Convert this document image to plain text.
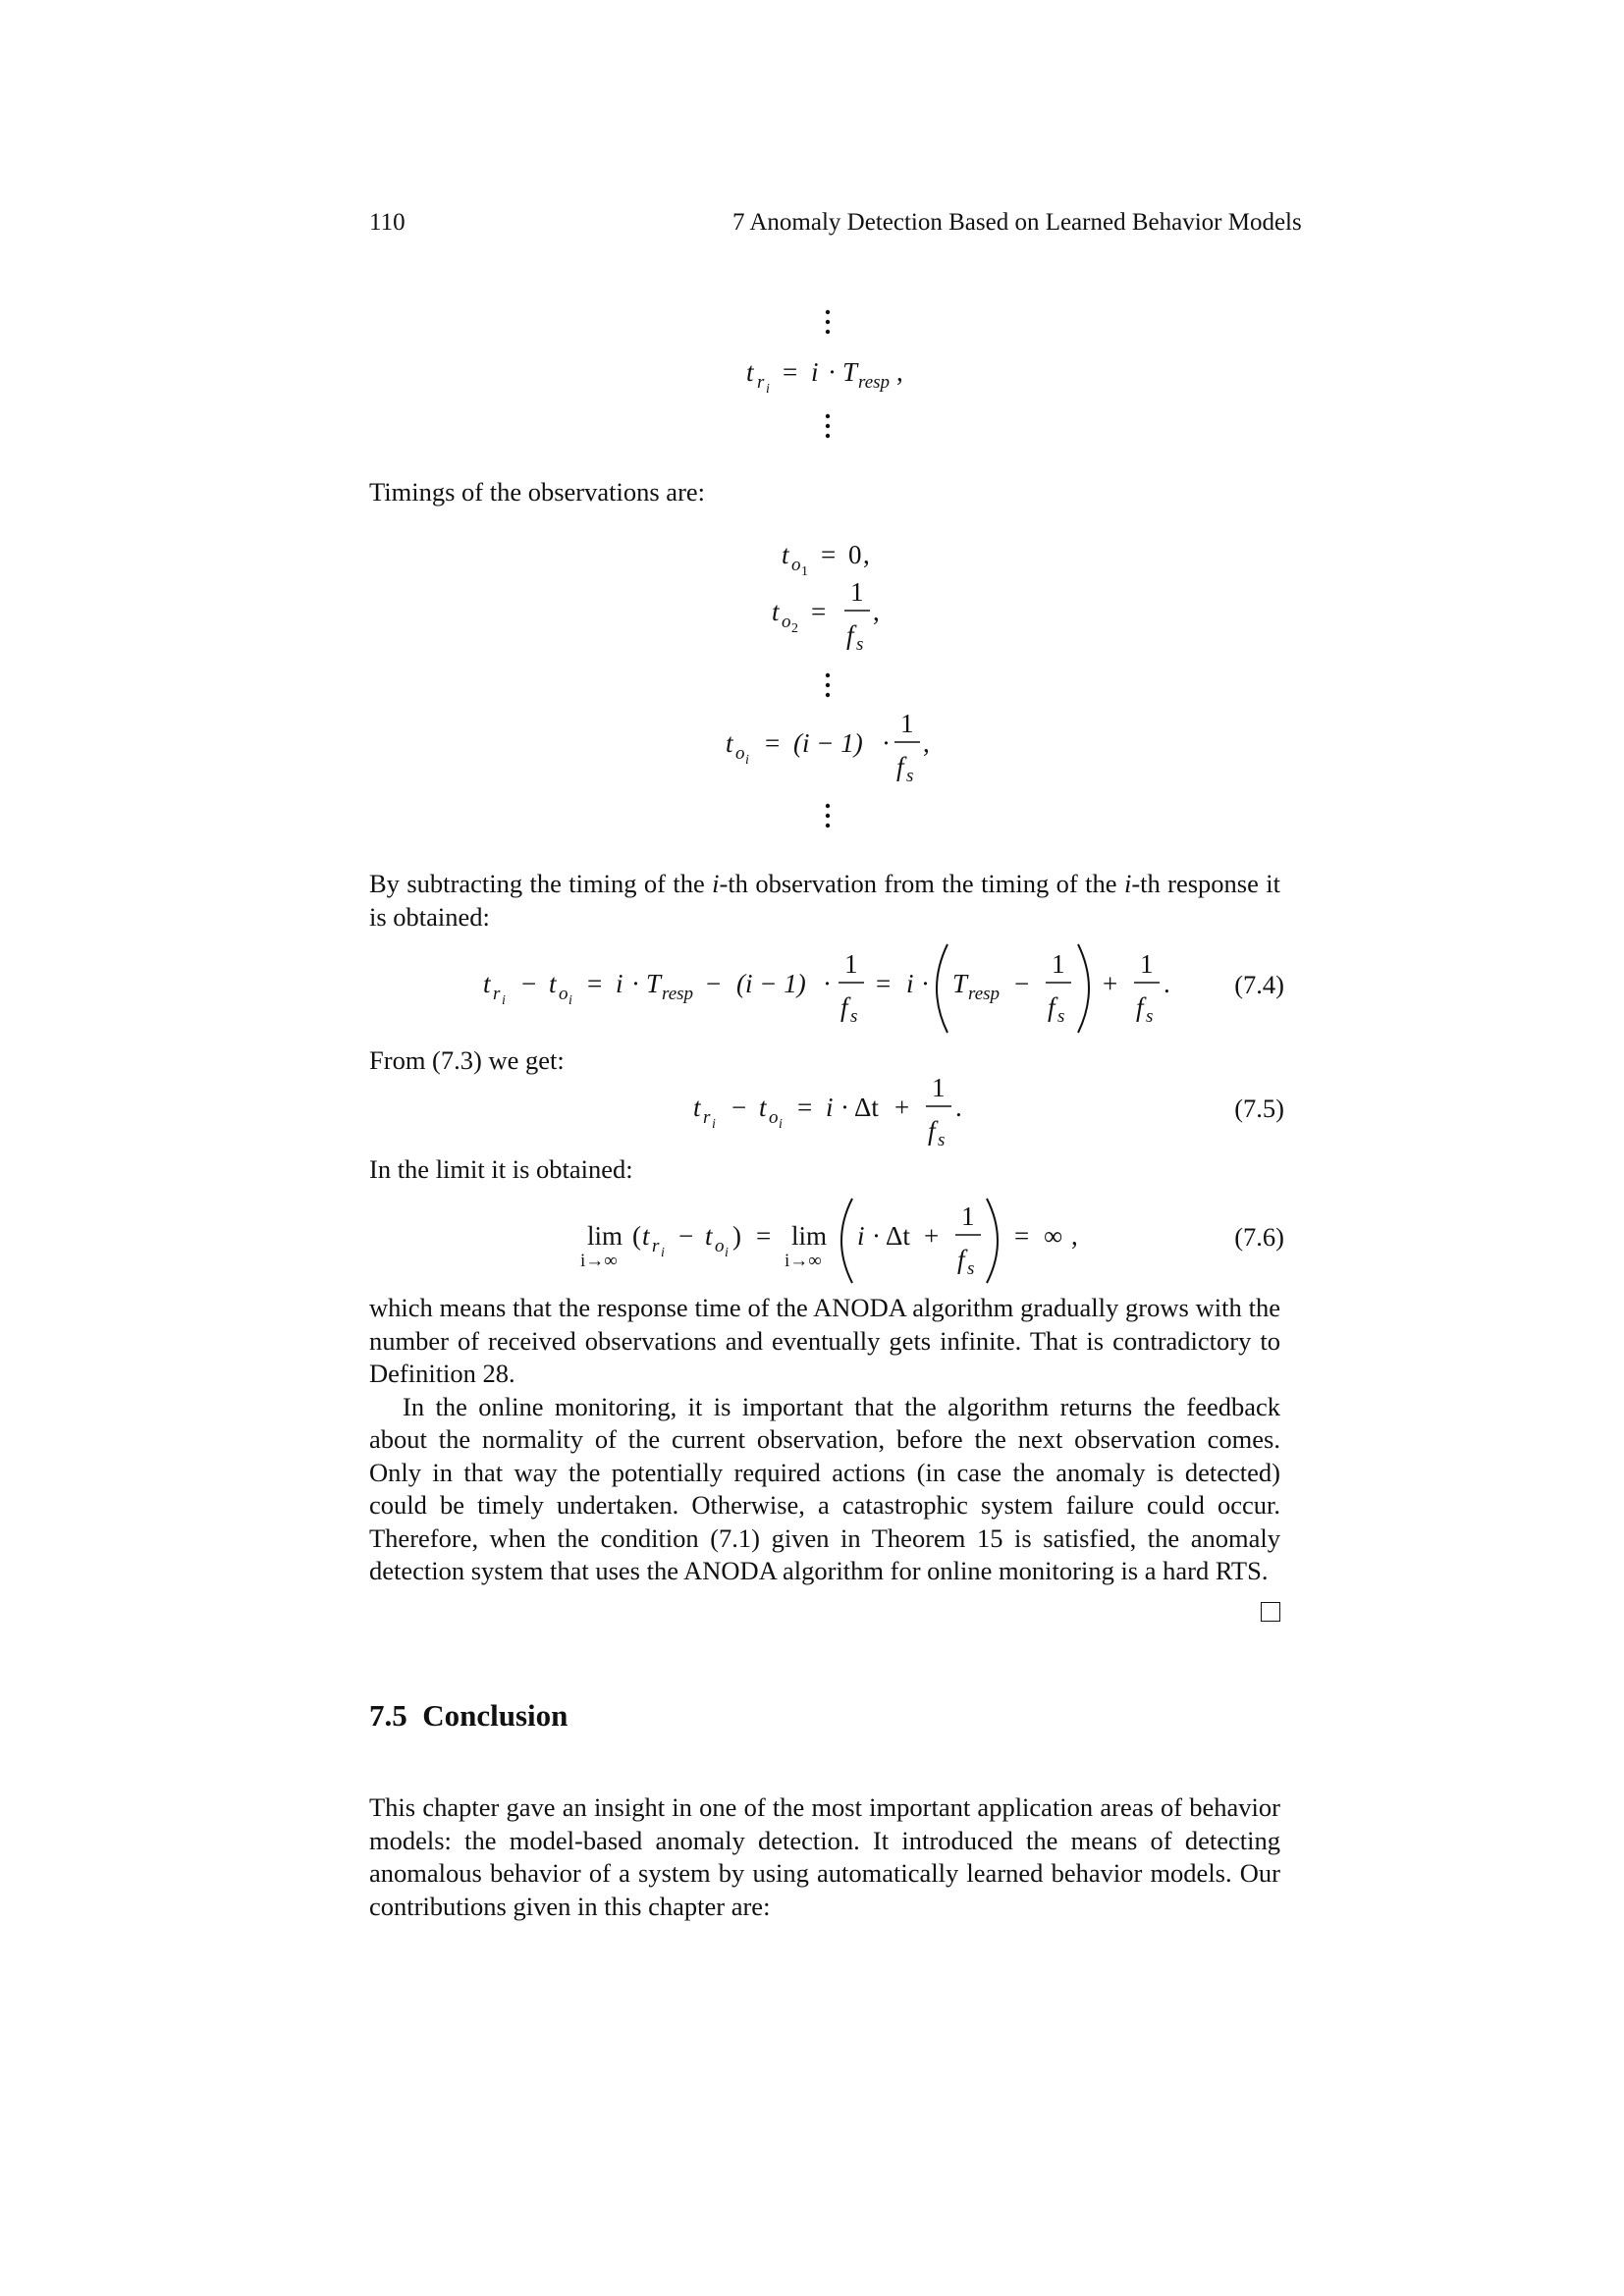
110	7 Anomaly Detection Based on Learned Behavior Models
t r i
= i · T resp ,
Timings of the observations are:
t o 1
= 0 ,
t o 2
=
1
f s
,
t o i
= (i − 1) ·
1
f s
,

By subtracting the timing of the i-th observation from the timing of the i-th response it is obtained:

t r i
− t o i
= i · T resp − (i − 1) ·
1
f s
= i · T resp −
1
f s
+
1
f s
.	(7.4)
From (7.3) we get:
t r i
− t o i
= i · Δt +
1
f s
.	(7.5)
In the limit it is obtained:
lim
i→∞
( t r i
− t o i
) = lim
i→∞
i · Δt +
1
f s
= ∞ ,	(7.6)

which means that the response time of the ANODA algorithm gradually grows with the number of received observations and eventually gets infinite. That is contradictory to Definition 28.

In the online monitoring, it is important that the algorithm returns the feedback about the normality of the current observation, before the next observation comes. Only in that way the potentially required actions (in case the anomaly is detected) could be timely undertaken. Otherwise, a catastrophic system failure could occur. Therefore, when the condition (7.1) given in Theorem 15 is satisfied, the anomaly detection system that uses the ANODA algorithm for online monitoring is a hard RTS.

7.5 Conclusion

This chapter gave an insight in one of the most important application areas of behavior models: the model-based anomaly detection. It introduced the means of detecting anomalous behavior of a system by using automatically learned behavior models. Our contributions given in this chapter are:
